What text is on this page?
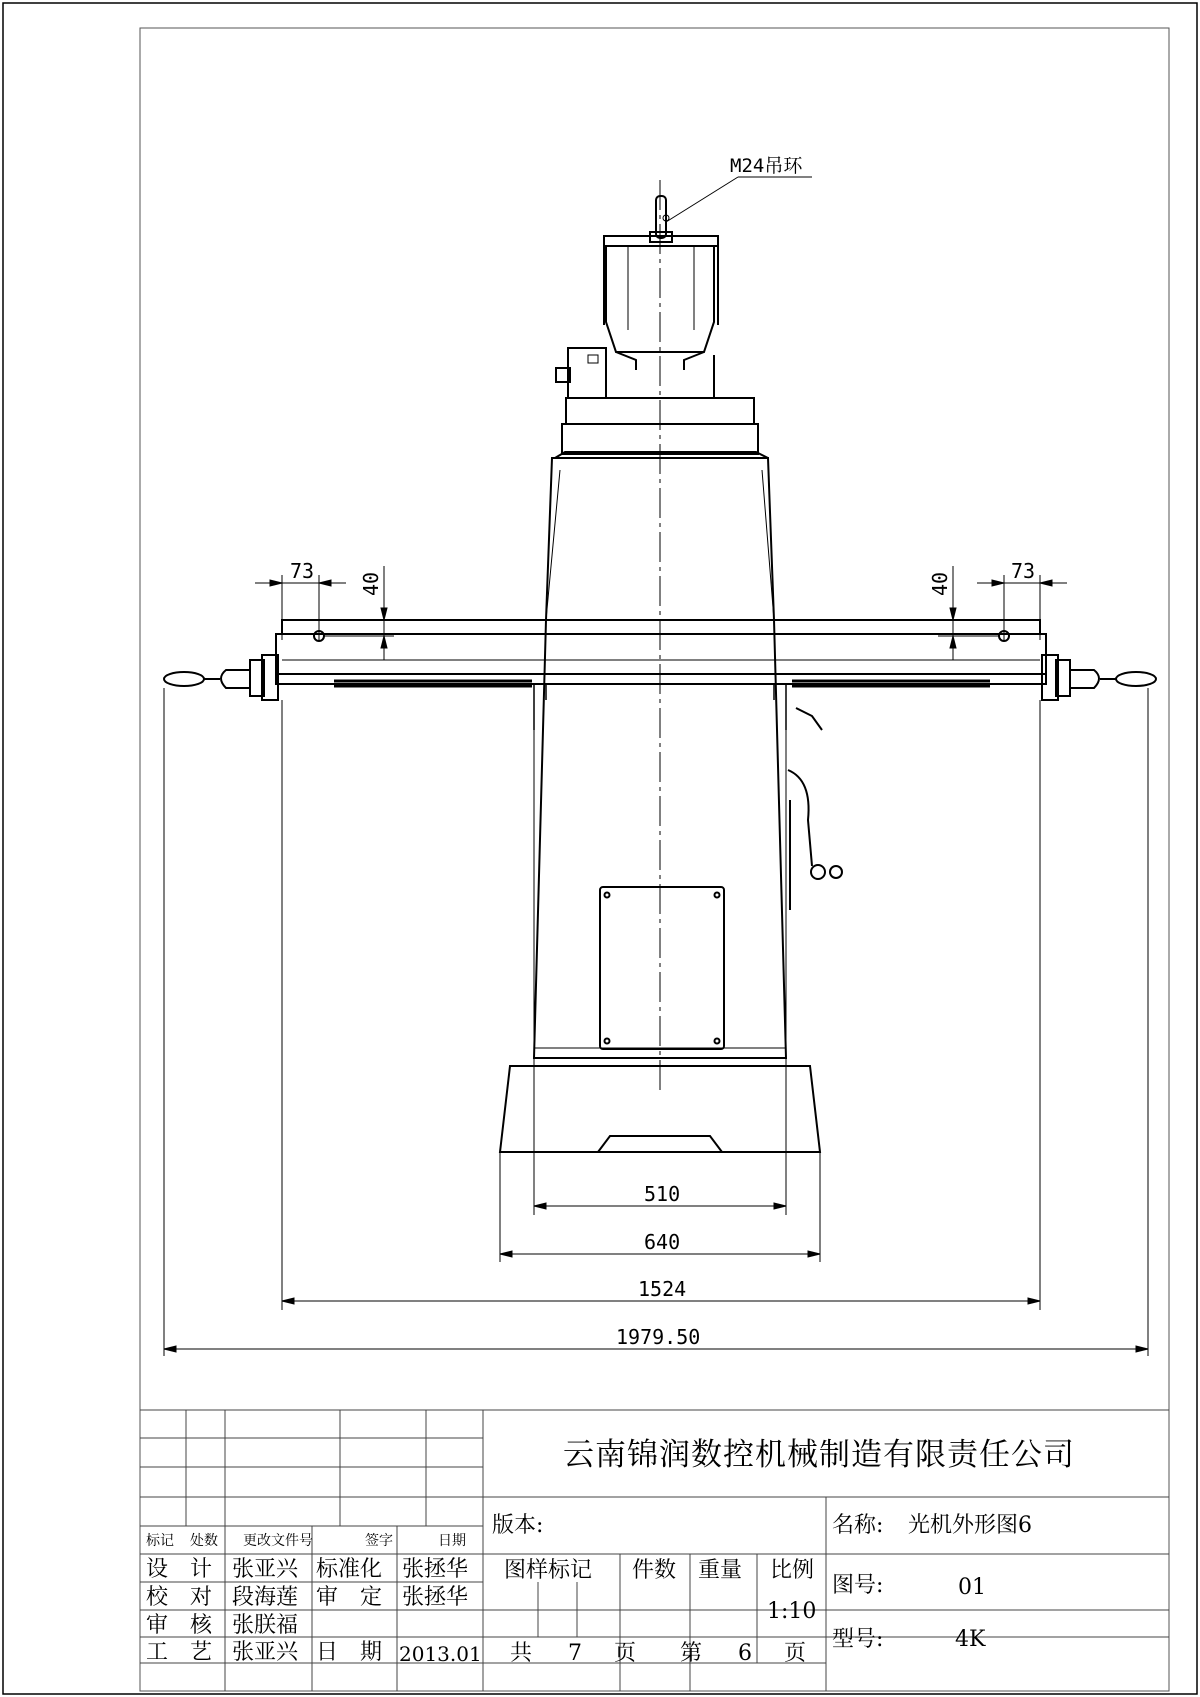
M24吊环
73
40	40
73
510
640
1524
1979.50
云南锦润数控机械制造有限责任公司
标记 处数 更改文件号	签字	日期
设　计 张亚兴 标准化 张拯华
校　对 段海莲 审　定 张拯华
审　核 张朕福
工　艺 张亚兴 日　期 2013.01
版本:
图样标记 件数 重量 比例
1:10
共 7 页 第 6 页
名称: 光机外形图6
图号:	01
型号:	4K
